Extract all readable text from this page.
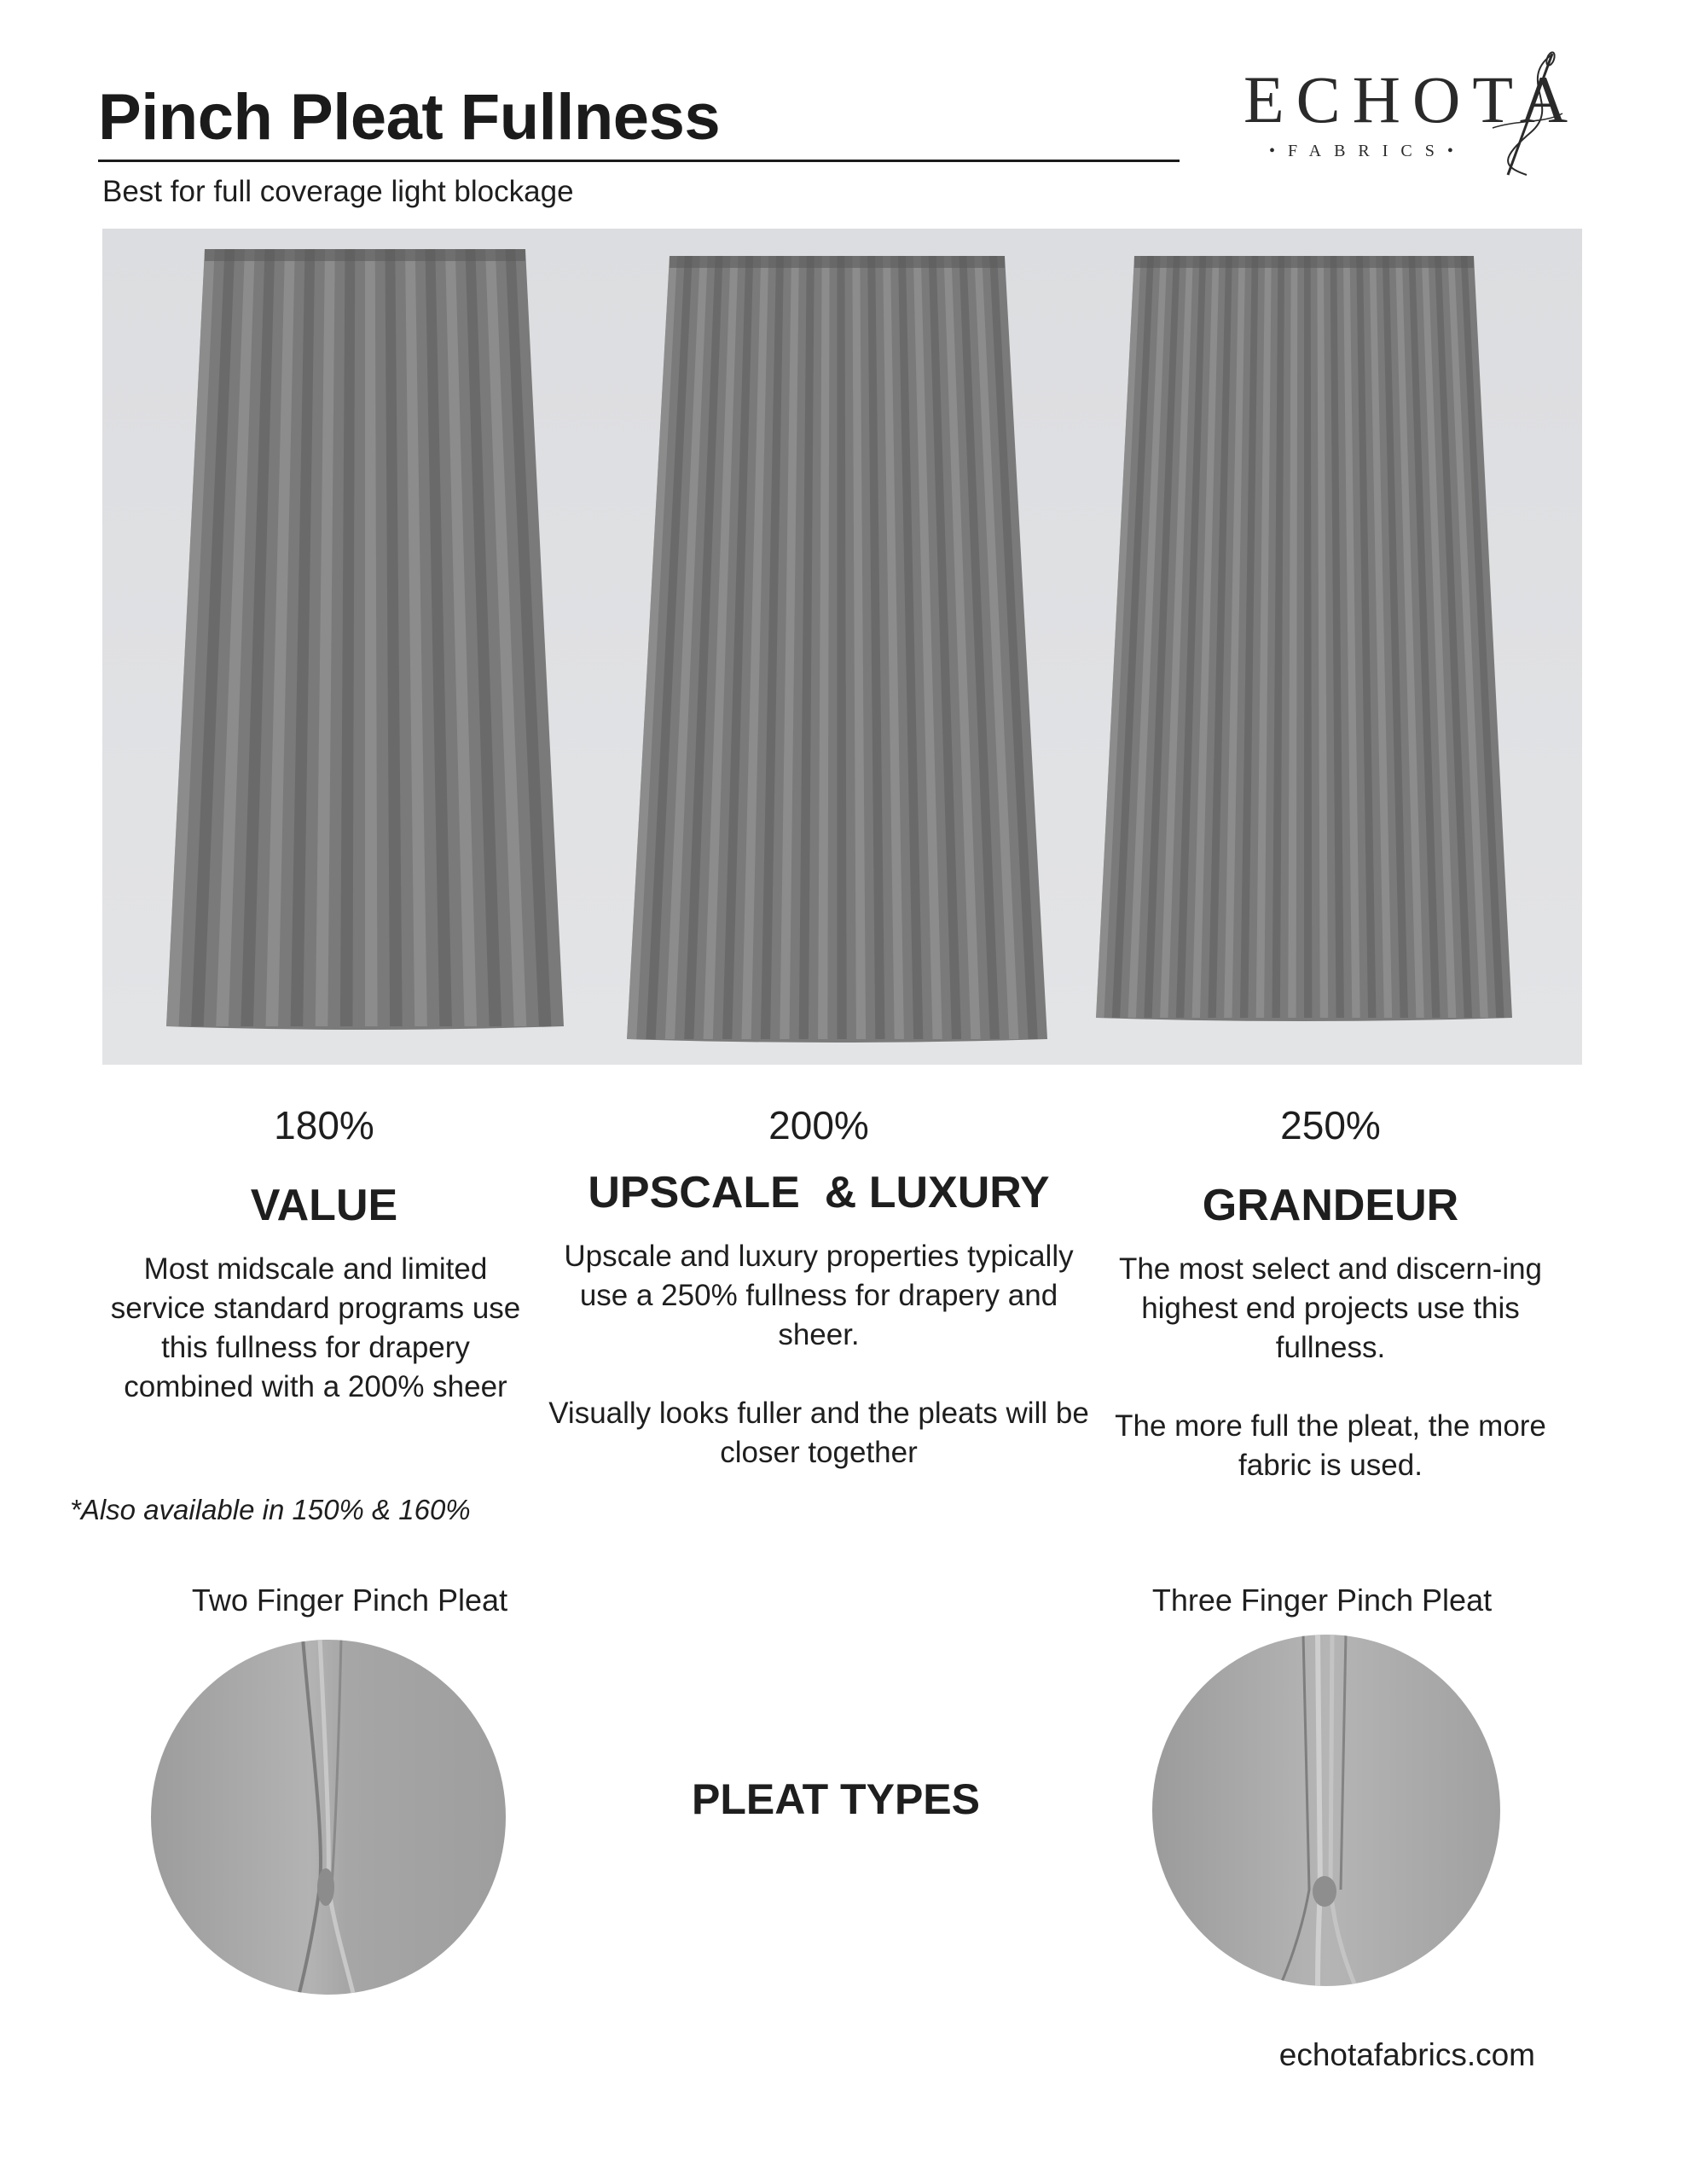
Pinch Pleat Fullness
Best for full coverage light blockage
ECHOTA
•FABRICS•
180%
VALUE
Most midscale and limited service standard programs use this fullness for drapery combined with a 200% sheer
*Also available in 150% & 160%
200%
UPSCALE  & LUXURY
Upscale and luxury properties typically use a 250% fullness for drapery and sheer.
Visually looks fuller and the pleats will be closer together
250%
GRANDEUR
The most select and discern-ing highest end projects use this fullness.
The more full the pleat, the more fabric is used.
Two Finger Pinch Pleat	Three Finger Pinch Pleat
PLEAT TYPES
echotafabrics.com
